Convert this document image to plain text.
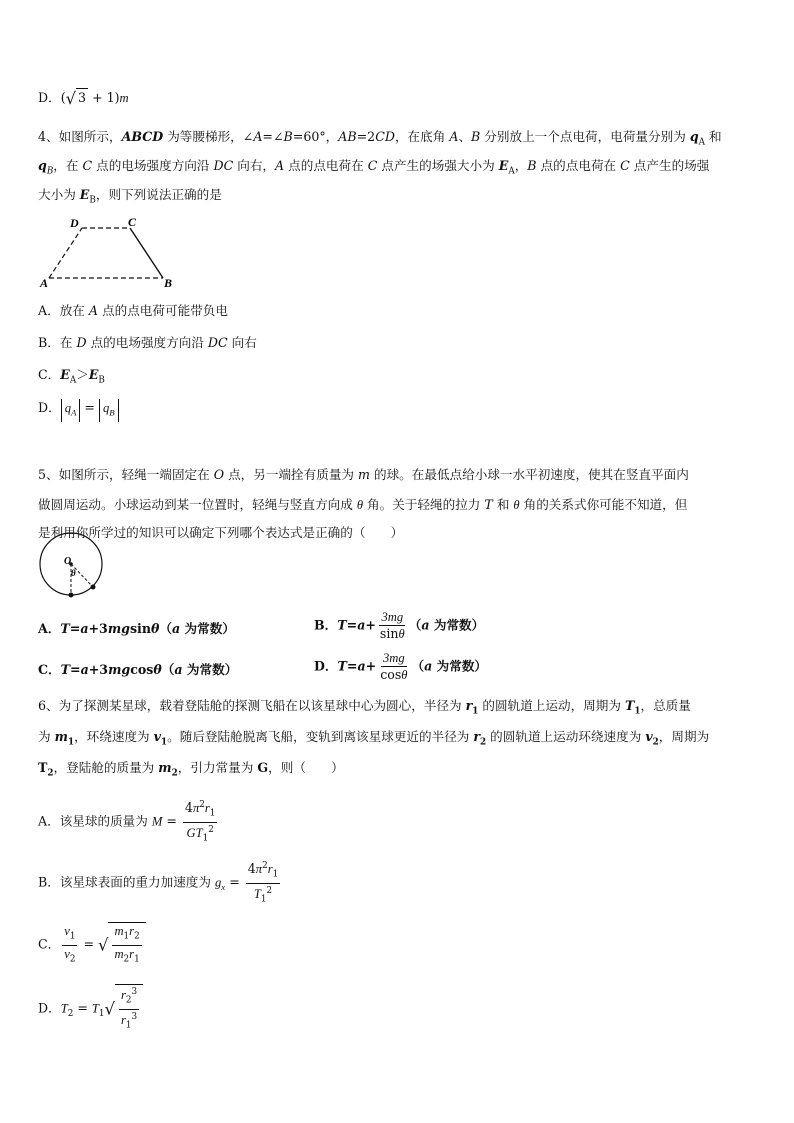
D．(√ 3 + 1)m
4、如图所示，ABCD 为等腰梯形，∠A=∠B=60°，AB=2CD，在底角 A、B 分别放上一个点电荷，电荷量分别为 $q_A$ 和
$q_B$，在 C 点的电场强度方向沿 DC 向右，A 点的点电荷在 C 点产生的场强大小为 $E_A$，B 点的点电荷在 C 点产生的场强
大小为 $E_B$，则下列说法正确的是
D	C
A	B
A．放在 A 点的点电荷可能带负电
B．在 D 点的电场强度方向沿 DC 向右
C．$E_A>E_B$
D． $q_A = q_B$
5、如图所示，轻绳一端固定在 O 点，另一端拴有质量为 m 的球。在最低点给小球一水平初速度，使其在竖直平面内
做圆周运动。小球运动到某一位置时，轻绳与竖直方向成 θ 角。关于轻绳的拉力 T 和 θ 角的关系式你可能不知道，但
是利用你所学过的知识可以确定下列哪个表达式是正确的（　　）
O
θ
A．T=a+3mgsinθ（a 为常数）	B．$T=a+ \frac{3mg}{\sin\theta} (a$ 为常数）
C．T=a+3mgcosθ（a 为常数）	D．$T=a+ \frac{3mg}{\cos\theta} (a$ 为常数）
6、为了探测某星球，载着登陆舱的探测飞船在以该星球中心为圆心，半径为 $r_1$ 的圆轨道上运动，周期为 $T_1$，总质量
为 $m_1$，环绕速度为 $v_1$。随后登陆舱脱离飞船，变轨到离该星球更近的半径为 $r_2$ 的圆轨道上运动环绕速度为 $v_2$，周期为
$T_2$，登陆舱的质量为 $m_2$，引力常量为 G，则（　　）
A．该星球的质量为 $M = \frac{4\pi^2r_1}{GT_1^2}$
B．该星球表面的重力加速度为 $g_x = \frac{4\pi^2r_1}{T_1^2}$
C． $\frac{v_1}{v_2}$ = √ $\frac{m_1r_2}{m_2r_1}$
D．$T_2 = T_1√ \frac{r_2^3}{r_1^3}$
